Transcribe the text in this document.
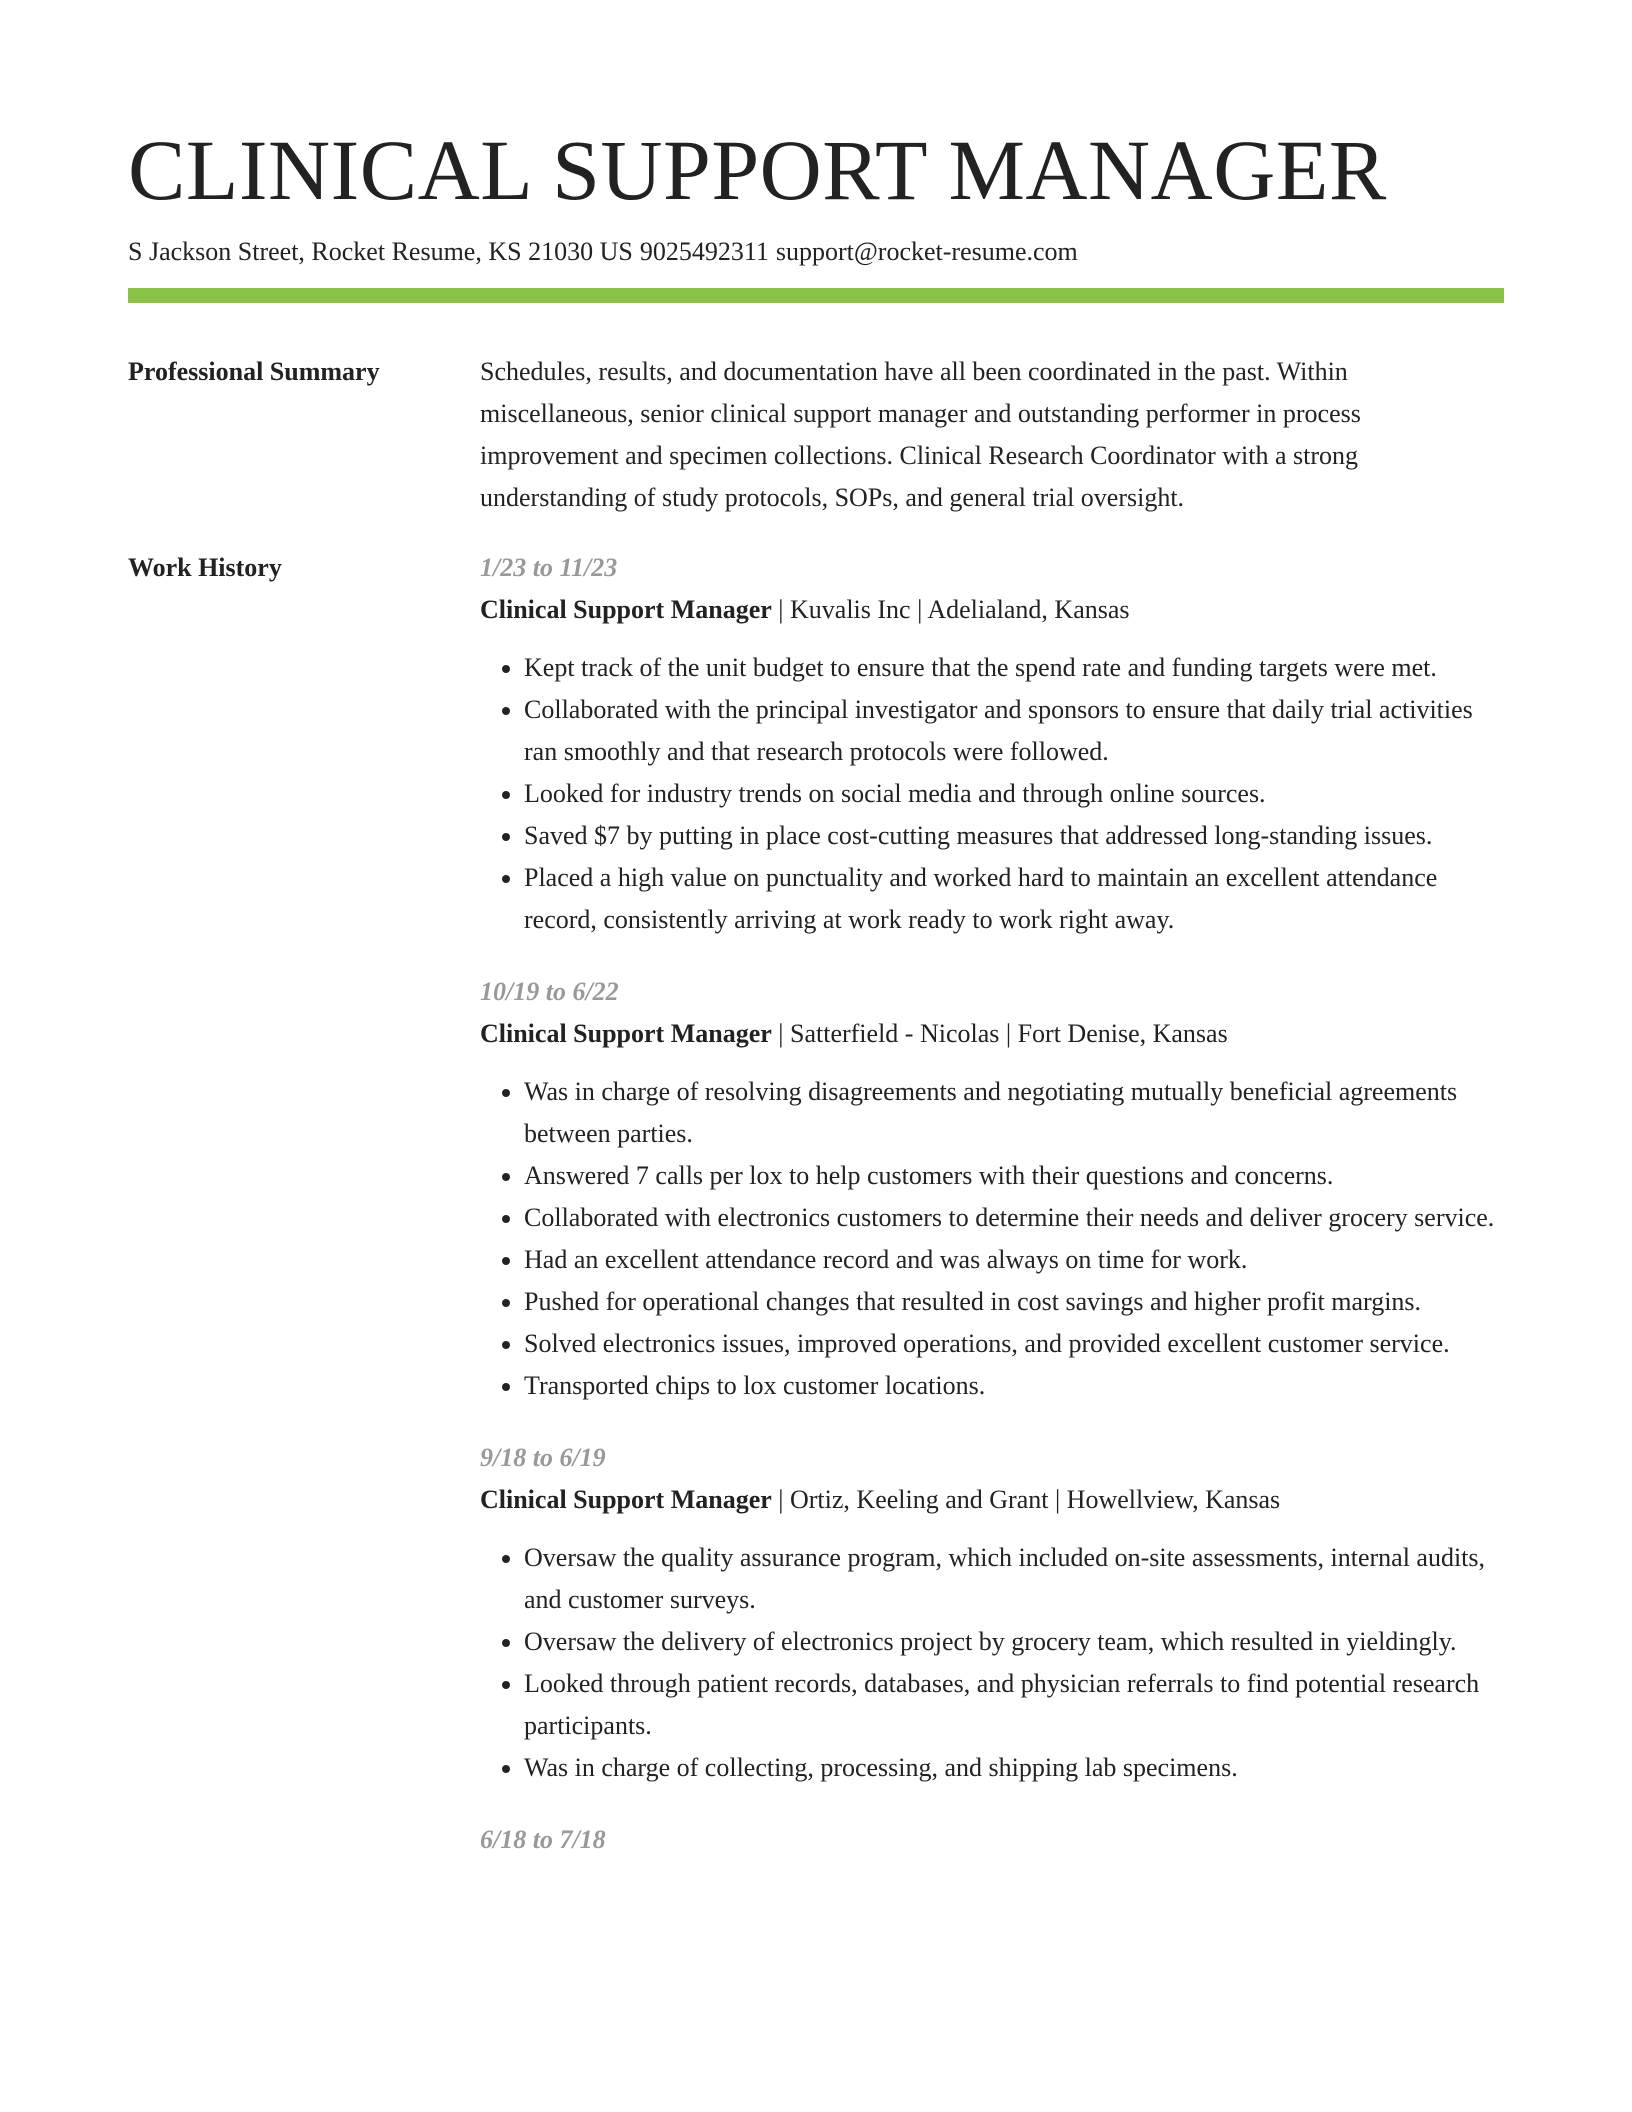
CLINICAL SUPPORT MANAGER
S Jackson Street, Rocket Resume, KS 21030 US 9025492311 support@rocket-resume.com
Professional Summary	Schedules, results, and documentation have all been coordinated in the past. Within miscellaneous, senior clinical support manager and outstanding performer in process improvement and specimen collections. Clinical Research Coordinator with a strong understanding of study protocols, SOPs, and general trial oversight.
Work History	1/23 to 11/23
Clinical Support Manager | Kuvalis Inc | Adelialand, Kansas
• Kept track of the unit budget to ensure that the spend rate and funding targets were met.
• Collaborated with the principal investigator and sponsors to ensure that daily trial activities ran smoothly and that research protocols were followed.
• Looked for industry trends on social media and through online sources.
• Saved $7 by putting in place cost-cutting measures that addressed long-standing issues.
• Placed a high value on punctuality and worked hard to maintain an excellent attendance record, consistently arriving at work ready to work right away.
10/19 to 6/22
Clinical Support Manager | Satterfield - Nicolas | Fort Denise, Kansas
• Was in charge of resolving disagreements and negotiating mutually beneficial agreements between parties.
• Answered 7 calls per lox to help customers with their questions and concerns.
• Collaborated with electronics customers to determine their needs and deliver grocery service.
• Had an excellent attendance record and was always on time for work.
• Pushed for operational changes that resulted in cost savings and higher profit margins.
• Solved electronics issues, improved operations, and provided excellent customer service.
• Transported chips to lox customer locations.
9/18 to 6/19
Clinical Support Manager | Ortiz, Keeling and Grant | Howellview, Kansas
• Oversaw the quality assurance program, which included on-site assessments, internal audits, and customer surveys.
• Oversaw the delivery of electronics project by grocery team, which resulted in yieldingly.
• Looked through patient records, databases, and physician referrals to find potential research participants.
• Was in charge of collecting, processing, and shipping lab specimens.
6/18 to 7/18
